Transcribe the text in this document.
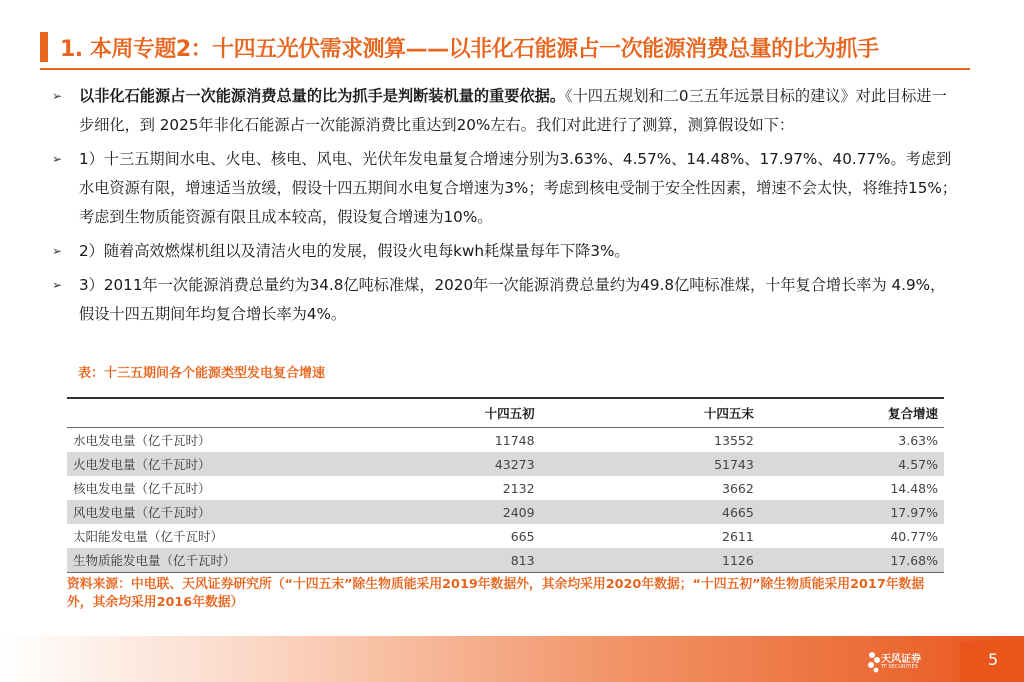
1. 本周专题2：十四五光伏需求测算——以非化石能源占一次能源消费总量的比为抓手
➢ 以非化石能源占一次能源消费总量的比为抓手是判断装机量的重要依据。《十四五规划和二0三五年远景目标的建议》对此目标进一步细化，到 2025年非化石能源占一次能源消费比重达到20%左右。我们对此进行了测算，测算假设如下：
➢ 1）十三五期间水电、火电、核电、风电、光伏年发电量复合增速分别为3.63%、4.57%、14.48%、17.97%、40.77%。考虑到水电资源有限，增速适当放缓，假设十四五期间水电复合增速为3%；考虑到核电受制于安全性因素，增速不会太快，将维持15%；考虑到生物质能资源有限且成本较高，假设复合增速为10%。
➢ 2）随着高效燃煤机组以及清洁火电的发展，假设火电每kwh耗煤量每年下降3%。
➢ 3）2011年一次能源消费总量约为34.8亿吨标准煤，2020年一次能源消费总量约为49.8亿吨标准煤，十年复合增长率为 4.9%，假设十四五期间年均复合增长率为4%。
表：十三五期间各个能源类型发电复合增速
	十四五初	十四五末	复合增速
水电发电量（亿千瓦时）	11748	13552	3.63%
火电发电量（亿千瓦时）	43273	51743	4.57%
核电发电量（亿千瓦时）	2132	3662	14.48%
风电发电量（亿千瓦时）	2409	4665	17.97%
太阳能发电量（亿千瓦时）	665	2611	40.77%
生物质能发电量（亿千瓦时）	813	1126	17.68%
资料来源：中电联、天风证券研究所（“十四五末”除生物质能采用2019年数据外，其余均采用2020年数据；“十四五初”除生物质能采用2017年数据外，其余均采用2016年数据）
天风证券
TF SECURITIES	5
